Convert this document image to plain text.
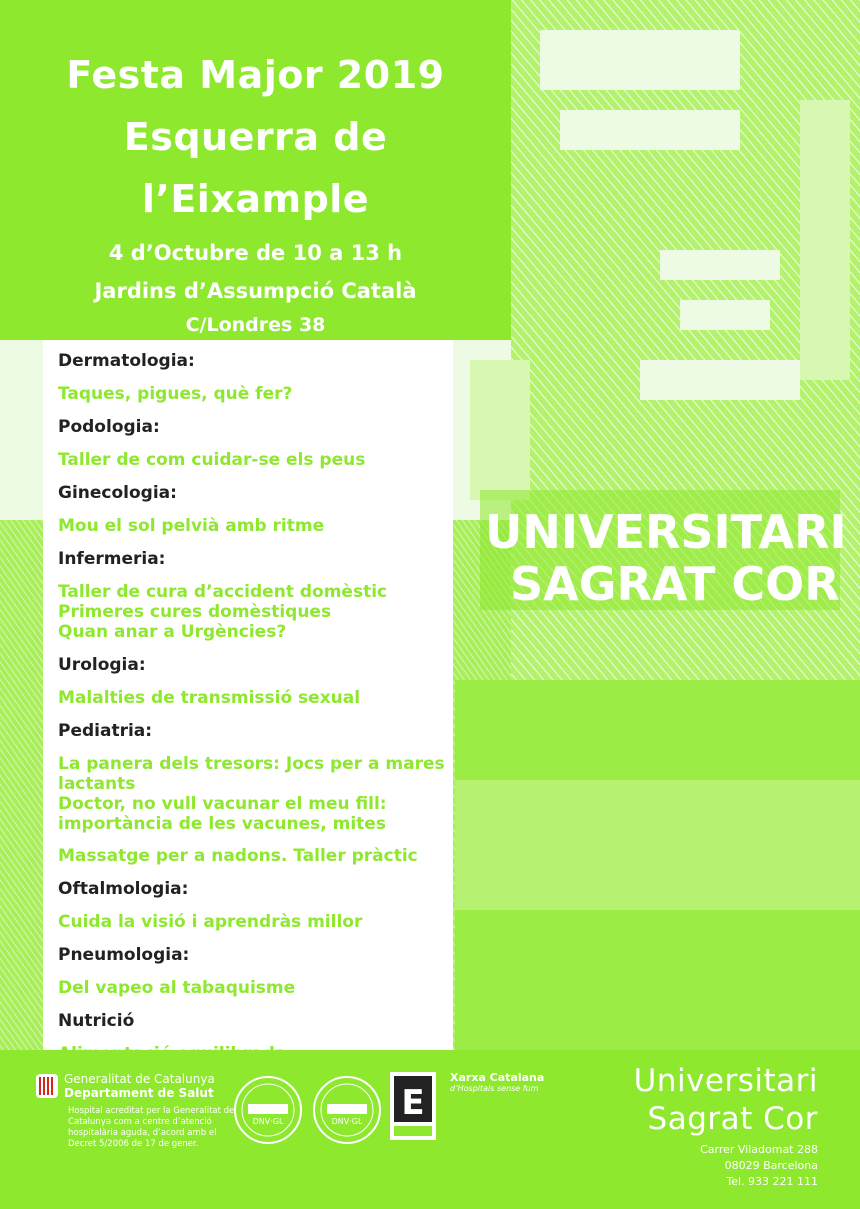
UNIVERSITARI
SAGRAT COR
Festa Major 2019
Esquerra de
l’Eixample
4 d’Octubre de 10 a 13 h
Jardins d’Assumpció Català
C/Londres 38
Dermatologia:
Taques, pigues, què fer?
Podologia:
Taller de com cuidar-se els peus
Ginecologia:
Mou el sol pelvià amb ritme
Infermeria:
Taller de cura d’accident domèstic
Primeres cures domèstiques
Quan anar a Urgències?
Urologia:
Malalties de transmissió sexual
Pediatria:
La panera dels tresors: Jocs per a mares
lactants
Doctor, no vull vacunar el meu fill:
importància de les vacunes, mites
Massatge per a nadons. Taller pràctic
Oftalmologia:
Cuida la visió i aprendràs millor
Pneumologia:
Del vapeo al tabaquisme
Nutrició
Generalitat de Catalunya
Departament de Salut
Hospital acreditat per la Generalitat de Catalunya com a centre d’atenció hospitalària aguda, d’acord amb el Decret 5/2006 de 17 de gener.
DNV·GL	DNV·GL E
Xarxa Catalana
d’Hospitals sense fum	Universitari
Sagrat Cor
Carrer Viladomat 288
08029 Barcelona
Tel. 933 221 111
